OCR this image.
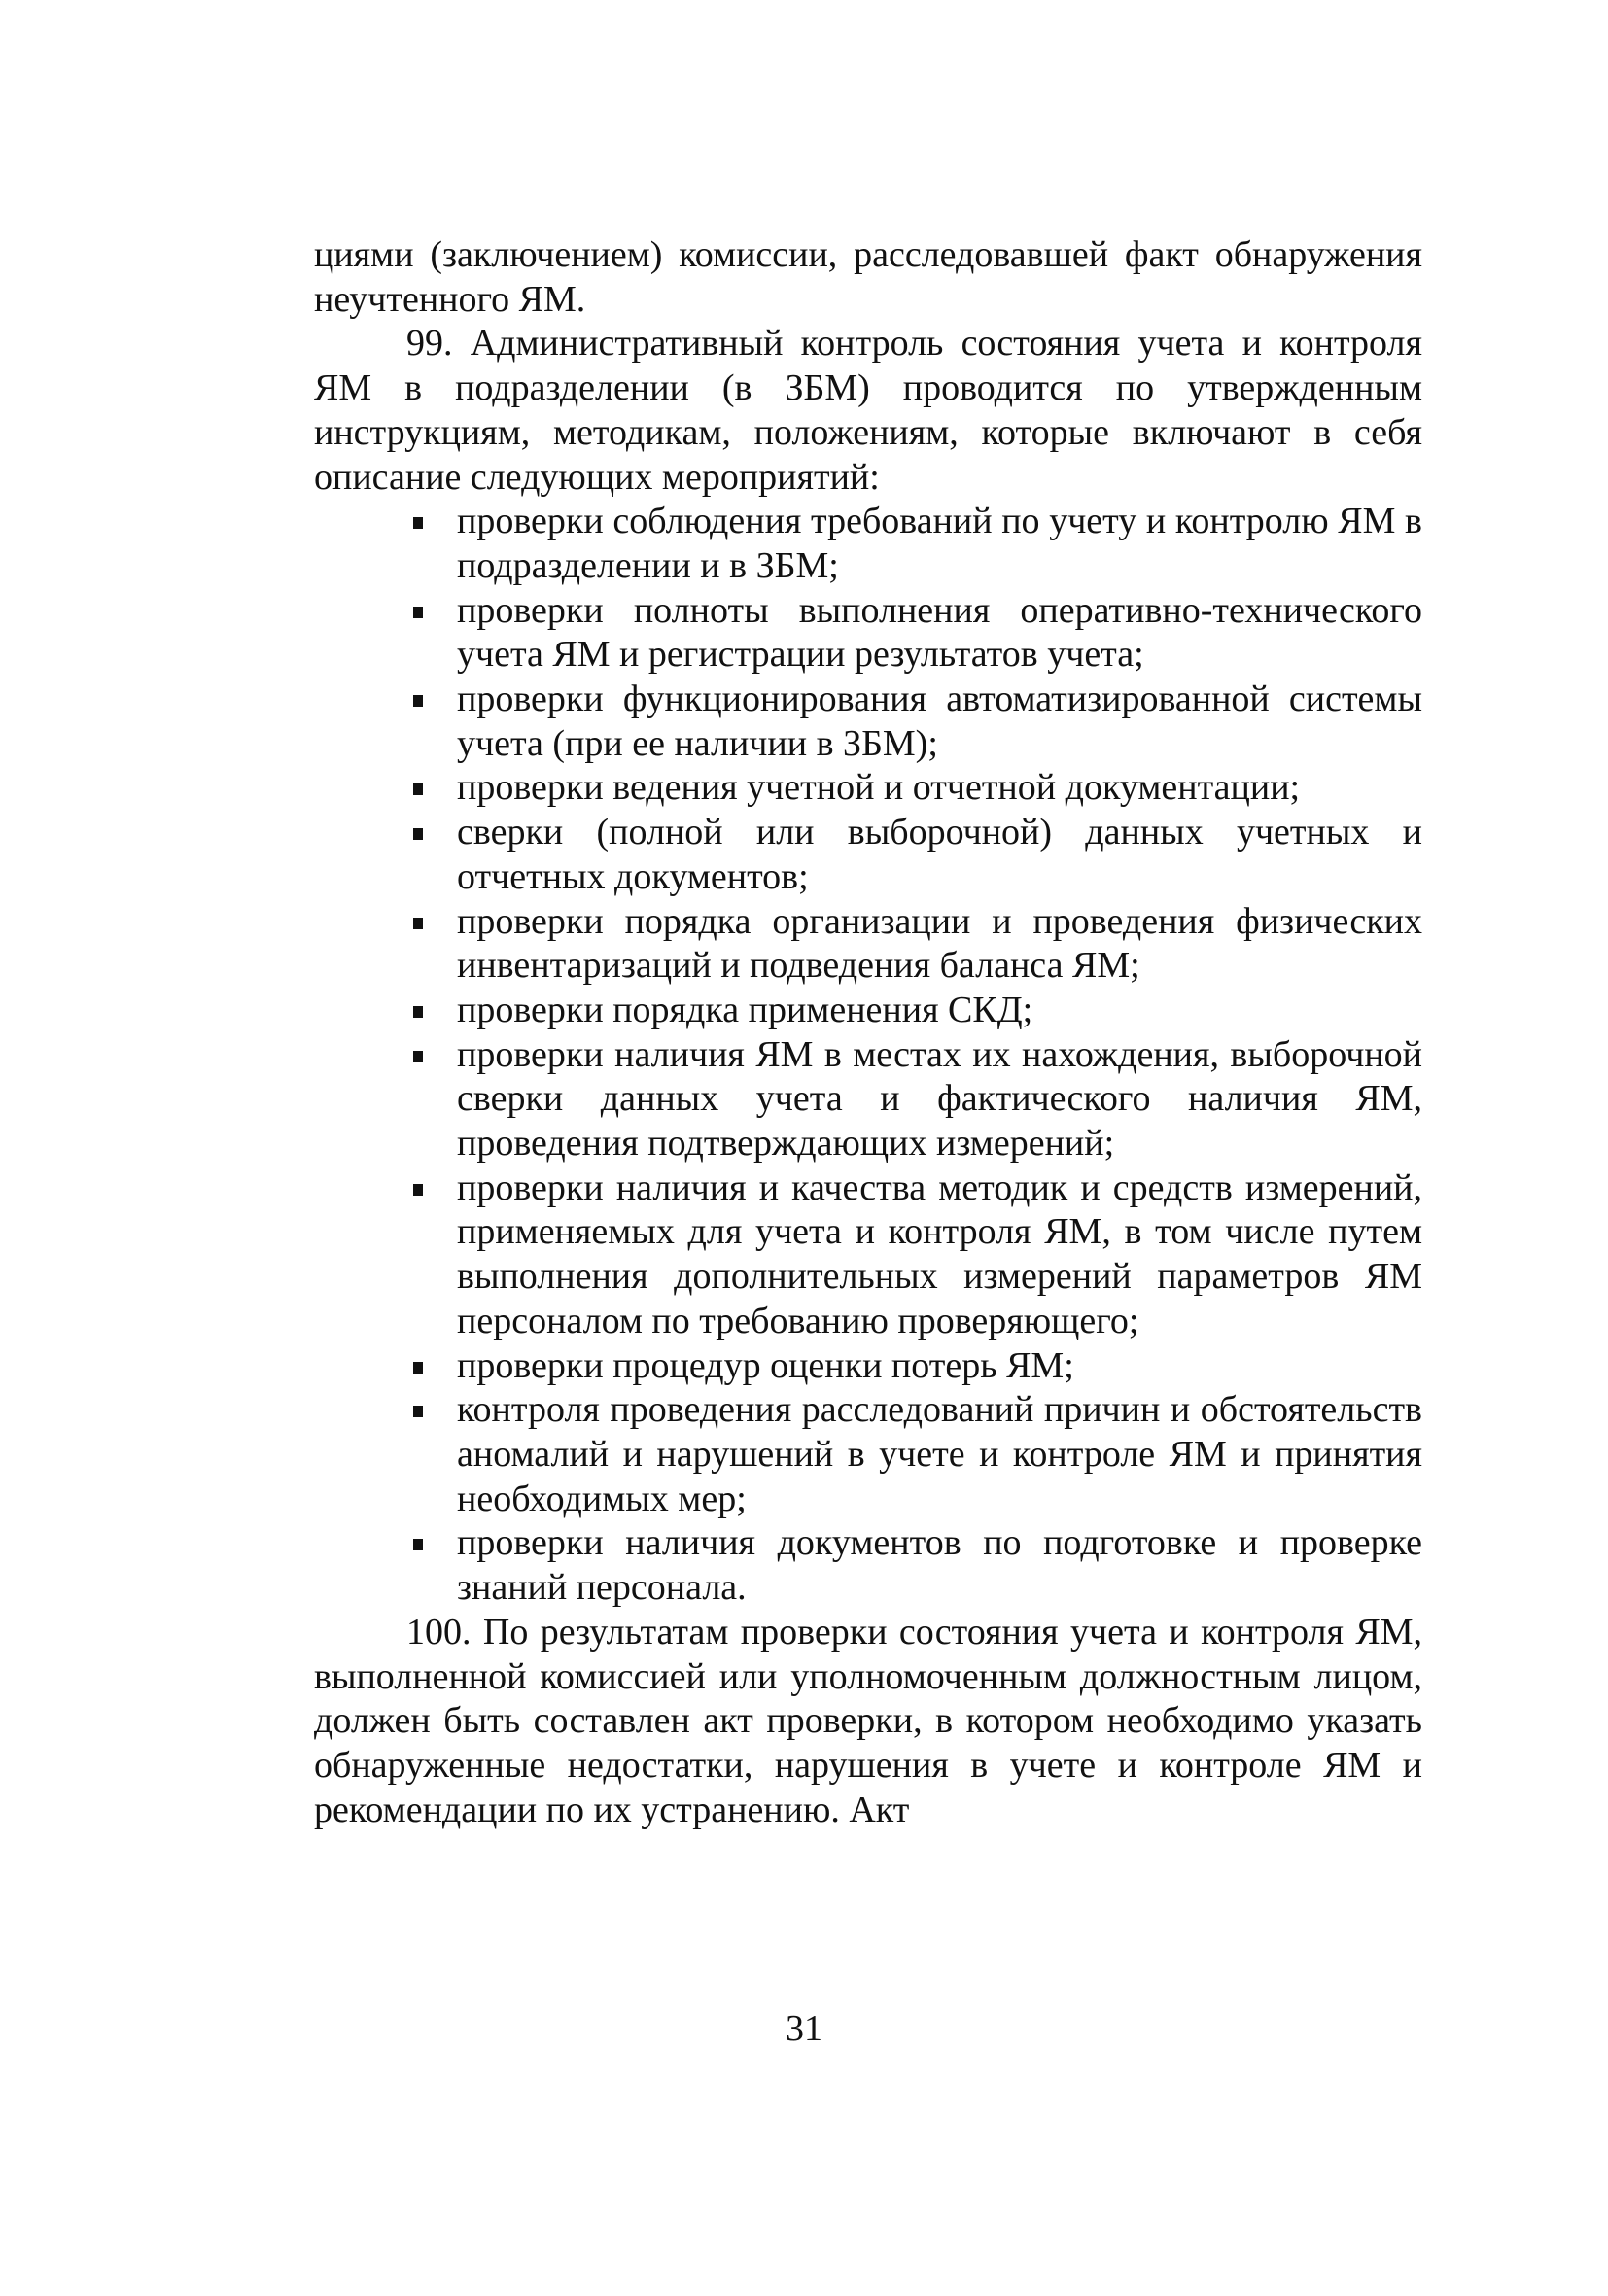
циями (заключением) комиссии, расследовавшей факт обнаружения неучтенного ЯМ.

99. Административный контроль состояния учета и контроля ЯМ в подразделении (в ЗБМ) проводится по утвержденным инструкциям, методикам, положениям, которые включают в себя описание следующих мероприятий:

проверки соблюдения требований по учету и контролю ЯМ в подразделении и в ЗБМ;
проверки полноты выполнения оперативно-технического учета ЯМ и регистрации результатов учета;
проверки функционирования автоматизированной системы учета (при ее наличии в ЗБМ);
проверки ведения учетной и отчетной документации;
сверки (полной или выборочной) данных учетных и отчетных документов;
проверки порядка организации и проведения физических инвентаризаций и подведения баланса ЯМ;
проверки порядка применения СКД;
проверки наличия ЯМ в местах их нахождения, выборочной сверки данных учета и фактического наличия ЯМ, проведения подтверждающих измерений;
проверки наличия и качества методик и средств измерений, применяемых для учета и контроля ЯМ, в том числе путем выполнения дополнительных измерений параметров ЯМ персоналом по требованию проверяющего;
проверки процедур оценки потерь ЯМ;
контроля проведения расследований причин и обстоятельств аномалий и нарушений в учете и контроле ЯМ и принятия необходимых мер;
проверки наличия документов по подготовке и проверке знаний персонала.

100. По результатам проверки состояния учета и контроля ЯМ, выполненной комиссией или уполномоченным должностным лицом, должен быть составлен акт проверки, в котором необходимо указать обнаруженные недостатки, нарушения в учете и контроле ЯМ и рекомендации по их устранению. Акт

31
